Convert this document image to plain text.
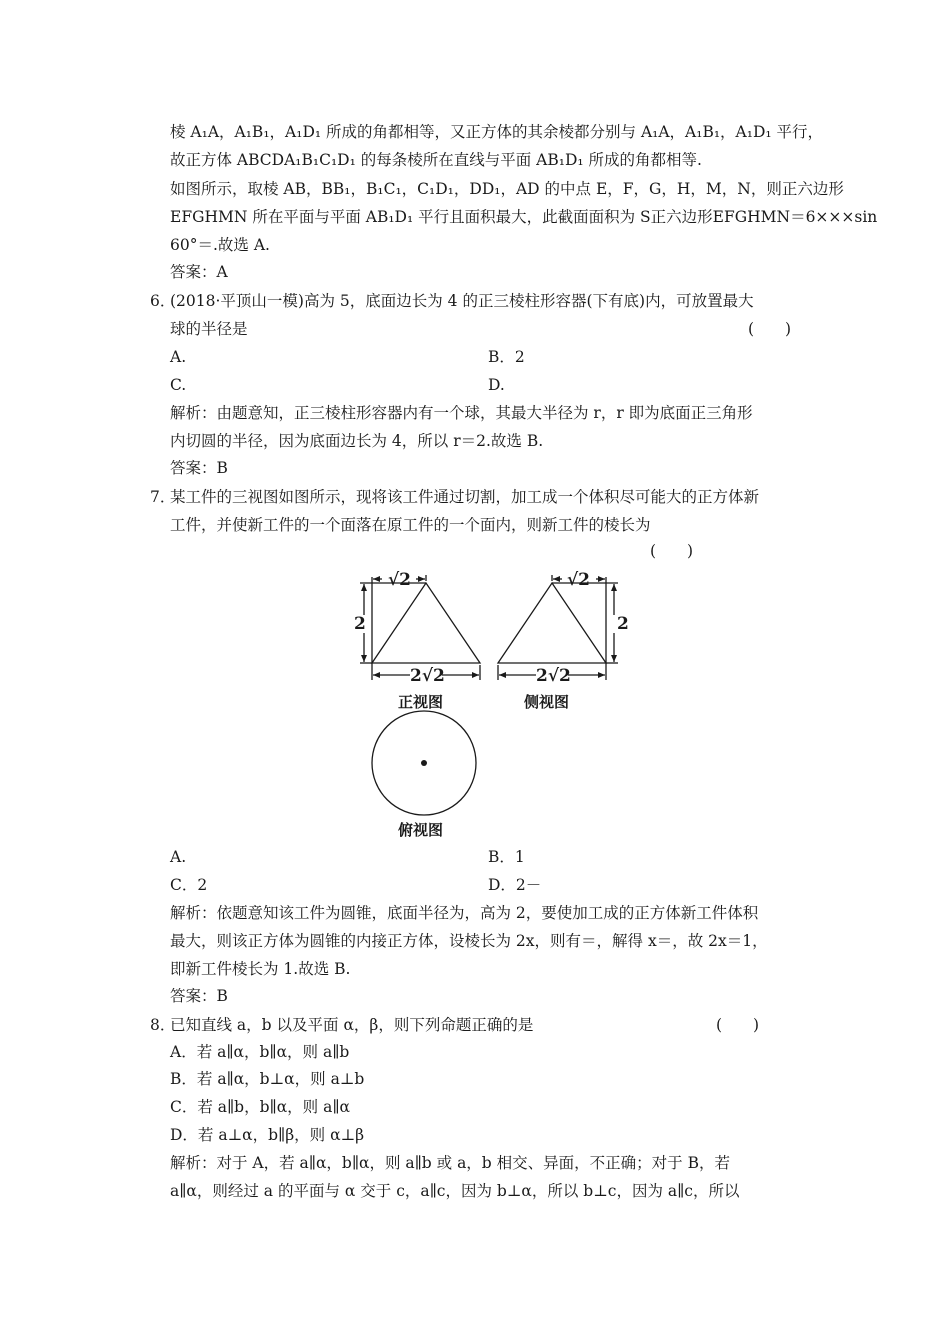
棱 A₁A，A₁B₁，A₁D₁ 所成的角都相等，又正方体的其余棱都分别与 A₁A，A₁B₁，A₁D₁ 平行，
故正方体 ABCDA₁B₁C₁D₁ 的每条棱所在直线与平面 AB₁D₁ 所成的角都相等.
如图所示，取棱 AB，BB₁，B₁C₁，C₁D₁，DD₁，AD 的中点 E，F，G，H，M，N，则正六边形
EFGHMN 所在平面与平面 AB₁D₁ 平行且面积最大，此截面面积为 S正六边形EFGHMN＝6×××sin
60°＝.故选 A.
答案：A
6．
(2018·平顶山一模)高为 5，底面边长为 4 的正三棱柱形容器(下有底)内，可放置最大
球的半径是	(　　)
A.	B．2
C.	D.
解析：由题意知，正三棱柱形容器内有一个球，其最大半径为 r，r 即为底面正三角形
内切圆的半径，因为底面边长为 4，所以 r＝2.故选 B.
答案：B
7．
某工件的三视图如图所示，现将该工件通过切割，加工成一个体积尽可能大的正方体新
工件，并使新工件的一个面落在原工件的一个面内，则新工件的棱长为
(　　)
√2
2
2√2
√2
2
2√2
正视图	侧视图
俯视图
A.	B．1
C．2	D．2－
解析：依题意知该工件为圆锥，底面半径为，高为 2，要使加工成的正方体新工件体积
最大，则该正方体为圆锥的内接正方体，设棱长为 2x，则有＝，解得 x＝，故 2x＝1，
即新工件棱长为 1.故选 B.
答案：B
8．
已知直线 a，b 以及平面 α，β，则下列命题正确的是	(　　)
A．若 a∥α，b∥α，则 a∥b
B．若 a∥α，b⊥α，则 a⊥b
C．若 a∥b，b∥α，则 a∥α
D．若 a⊥α，b∥β，则 α⊥β
解析：对于 A，若 a∥α，b∥α，则 a∥b 或 a，b 相交、异面，不正确；对于 B，若
a∥α，则经过 a 的平面与 α 交于 c，a∥c，因为 b⊥α，所以 b⊥c，因为 a∥c，所以
